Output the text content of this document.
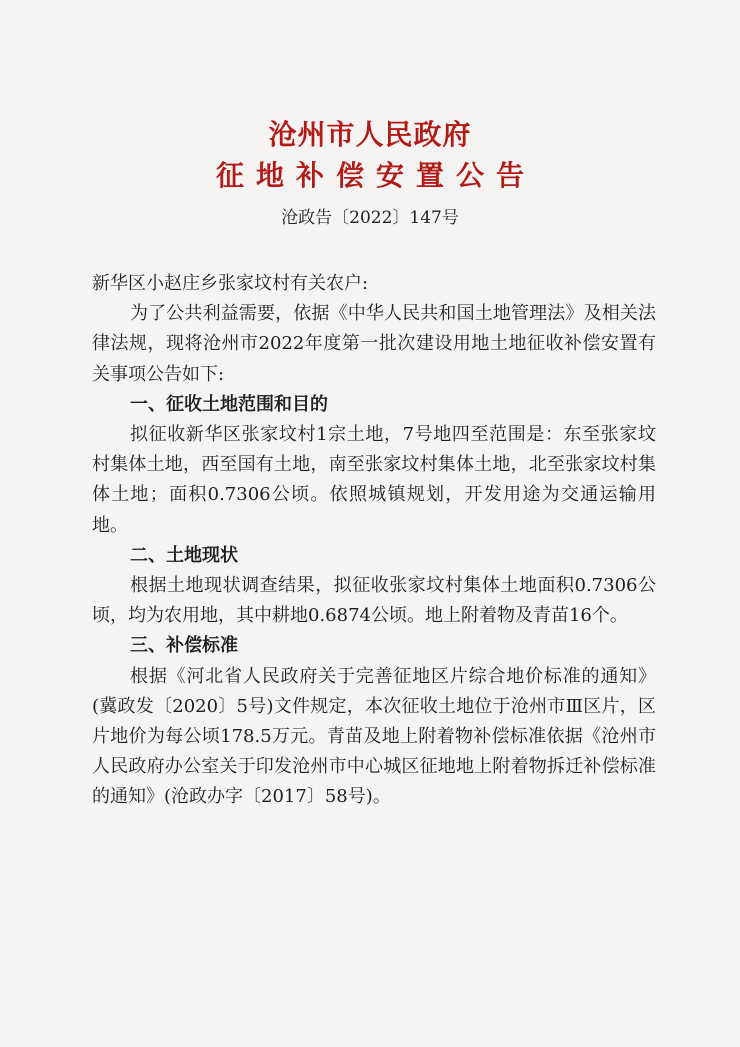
沧州市人民政府
征地补偿安置公告
沧政告〔2022〕147号

新华区小赵庄乡张家坟村有关农户:

为了公共利益需要，依据《中华人民共和国土地管理法》及相关法律法规，现将沧州市2022年度第一批次建设用地土地征收补偿安置有关事项公告如下:

一、征收土地范围和目的

拟征收新华区张家坟村1宗土地，7号地四至范围是：东至张家坟村集体土地，西至国有土地，南至张家坟村集体土地，北至张家坟村集体土地；面积0.7306公顷。依照城镇规划，开发用途为交通运输用地。

二、土地现状

根据土地现状调查结果，拟征收张家坟村集体土地面积0.7306公顷，均为农用地，其中耕地0.6874公顷。地上附着物及青苗16个。

三、补偿标准

根据《河北省人民政府关于完善征地区片综合地价标准的通知》(冀政发〔2020〕5号)文件规定，本次征收土地位于沧州市Ⅲ区片，区片地价为每公顷178.5万元。青苗及地上附着物补偿标准依据《沧州市人民政府办公室关于印发沧州市中心城区征地地上附着物拆迁补偿标准的通知》(沧政办字〔2017〕58号)。
